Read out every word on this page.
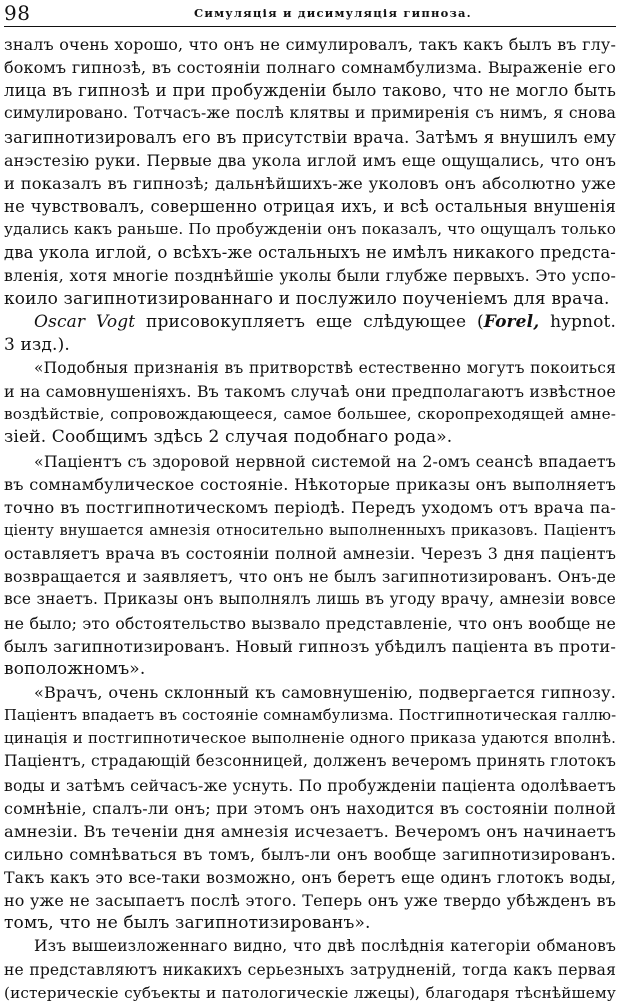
98	Симуляція и дисимуляція гипноза.
зналъ очень хорошо, что онъ не симулировалъ, такъ какъ былъ въ глу-
бокомъ гипнозѣ, въ состояніи полнаго сомнамбулизма. Выраженіе его
лица въ гипнозѣ и при пробужденіи было таково, что не могло быть
симулировано. Тотчасъ-же послѣ клятвы и примиренія съ нимъ, я снова
загипнотизировалъ его въ присутствіи врача. Затѣмъ я внушилъ ему
анэстезію руки. Первые два укола иглой имъ еще ощущались, что онъ
и показалъ въ гипнозѣ; дальнѣйшихъ-же уколовъ онъ абсолютно уже
не чувствовалъ, совершенно отрицая ихъ, и всѣ остальныя внушенія
удались какъ раньше. По пробужденіи онъ показалъ, что ощущалъ только
два укола иглой, о всѣхъ-же остальныхъ не имѣлъ никакого предста-
вленія, хотя многіе позднѣйшіе уколы были глубже первыхъ. Это успо-
коило загипнотизированнаго и послужило поученіемъ для врача.
Oscar Vogt присовокупляетъ еще слѣдующее (Forel, hypnot.
3 изд.).
«Подобныя признанія въ притворствѣ естественно могутъ покоиться
и на самовнушеніяхъ. Въ такомъ случаѣ они предполагаютъ извѣстное
воздѣйствіе, сопровождающееся, самое большее, скоропреходящей амне-
зіей. Сообщимъ здѣсь 2 случая подобнаго рода».
«Паціентъ съ здоровой нервной системой на 2-омъ сеансѣ впадаетъ
въ сомнамбулическое состояніе. Нѣкоторые приказы онъ выполняетъ
точно въ постгипнотическомъ періодѣ. Передъ уходомъ отъ врача па-
ціенту внушается амнезія относительно выполненныхъ приказовъ. Паціентъ
оставляетъ врача въ состояніи полной амнезіи. Черезъ 3 дня паціентъ
возвращается и заявляетъ, что онъ не былъ загипнотизированъ. Онъ-де
все знаетъ. Приказы онъ выполнялъ лишь въ угоду врачу, амнезіи вовсе
не было; это обстоятельство вызвало представленіе, что онъ вообще не
былъ загипнотизированъ. Новый гипнозъ убѣдилъ паціента въ проти-
воположномъ».
«Врачъ, очень склонный къ самовнушенію, подвергается гипнозу.
Паціентъ впадаетъ въ состояніе сомнамбулизма. Постгипнотическая галлю-
цинація и постгипнотическое выполненіе одного приказа удаются вполнѣ.
Паціентъ, страдающій безсонницей, долженъ вечеромъ принять глотокъ
воды и затѣмъ сейчасъ-же уснуть. По пробужденіи паціента одолѣваетъ
сомнѣніе, спалъ-ли онъ; при этомъ онъ находится въ состояніи полной
амнезіи. Въ теченіи дня амнезія исчезаетъ. Вечеромъ онъ начинаетъ
сильно сомнѣваться въ томъ, былъ-ли онъ вообще загипнотизированъ.
Такъ какъ это все-таки возможно, онъ беретъ еще одинъ глотокъ воды,
но уже не засыпаетъ послѣ этого. Теперь онъ уже твердо убѣжденъ въ
томъ, что не былъ загипнотизированъ».
Изъ вышеизложеннаго видно, что двѣ послѣднія категоріи обмановъ
не представляютъ никакихъ серьезныхъ затрудненій, тогда какъ первая
(истерическіе субъекты и патологическіе лжецы), благодаря тѣснѣйшему
